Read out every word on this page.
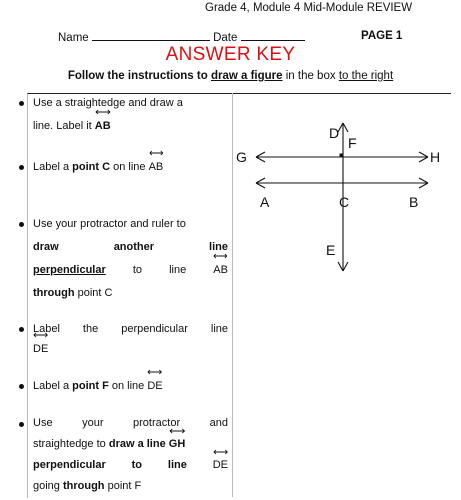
Grade 4, Module 4 Mid-Module REVIEW
Name	Date	PAGE 1
ANSWER KEY
Follow the instructions to draw a figure in the box to the right
Use a straightedge and draw a
line. Label it AB
Label a point C on line AB
Use your protractor and ruler to
draw	another	line
perpendicular to line AB
through point C
Label the perpendicular line
DE
Label a point F on line DE
Use	your	protractor	and
straightedge to draw a line GH
perpendicular to line DE
going through point F
G	H
A	B
C
D
E
F
